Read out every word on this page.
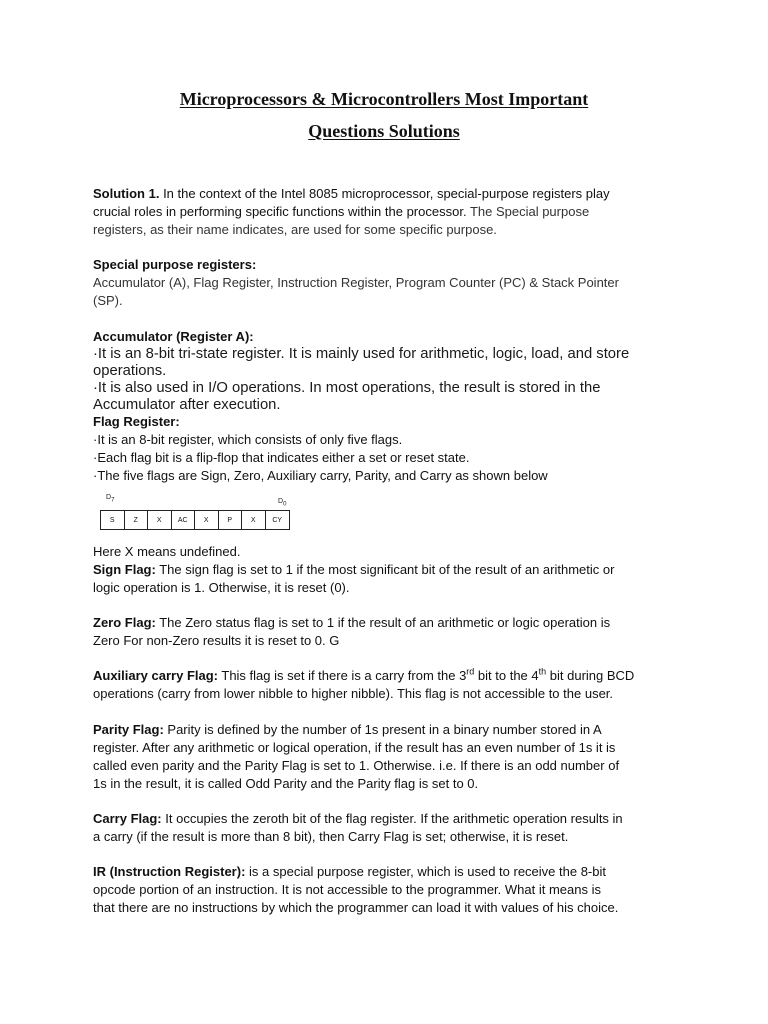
Microprocessors & Microcontrollers Most Important
Questions Solutions

Solution 1. In the context of the Intel 8085 microprocessor, special-purpose registers play

crucial roles in performing specific functions within the processor. The Special purpose

registers, as their name indicates, are used for some specific purpose.

Special purpose registers:

Accumulator (A), Flag Register, Instruction Register, Program Counter (PC) & Stack Pointer

(SP).

Accumulator (Register A):

·It is an 8-bit tri-state register. It is mainly used for arithmetic, logic, load, and store operations.

·It is also used in I/O operations. In most operations, the result is stored in the Accumulator after execution.

Flag Register:

·It is an 8-bit register, which consists of only five flags.

·Each flag bit is a flip-flop that indicates either a set or reset state.

·The five flags are Sign, Zero, Auxiliary carry, Parity, and Carry as shown below

$D_7$	$D_0$
S	Z	X	AC	X	P	X	CY

Here X means undefined.

Sign Flag: The sign flag is set to 1 if the most significant bit of the result of an arithmetic or

logic operation is 1. Otherwise, it is reset (0).

Zero Flag: The Zero status flag is set to 1 if the result of an arithmetic or logic operation is

Zero For non-Zero results it is reset to 0. G

Auxiliary carry Flag: This flag is set if there is a carry from the 3rd bit to the 4th bit during BCD

operations (carry from lower nibble to higher nibble). This flag is not accessible to the user.

Parity Flag: Parity is defined by the number of 1s present in a binary number stored in A

register. After any arithmetic or logical operation, if the result has an even number of 1s it is

called even parity and the Parity Flag is set to 1. Otherwise. i.e. If there is an odd number of

1s in the result, it is called Odd Parity and the Parity flag is set to 0.

Carry Flag: It occupies the zeroth bit of the flag register. If the arithmetic operation results in

a carry (if the result is more than 8 bit), then Carry Flag is set; otherwise, it is reset.

IR (Instruction Register): is a special purpose register, which is used to receive the 8-bit

opcode portion of an instruction. It is not accessible to the programmer. What it means is

that there are no instructions by which the programmer can load it with values of his choice.
